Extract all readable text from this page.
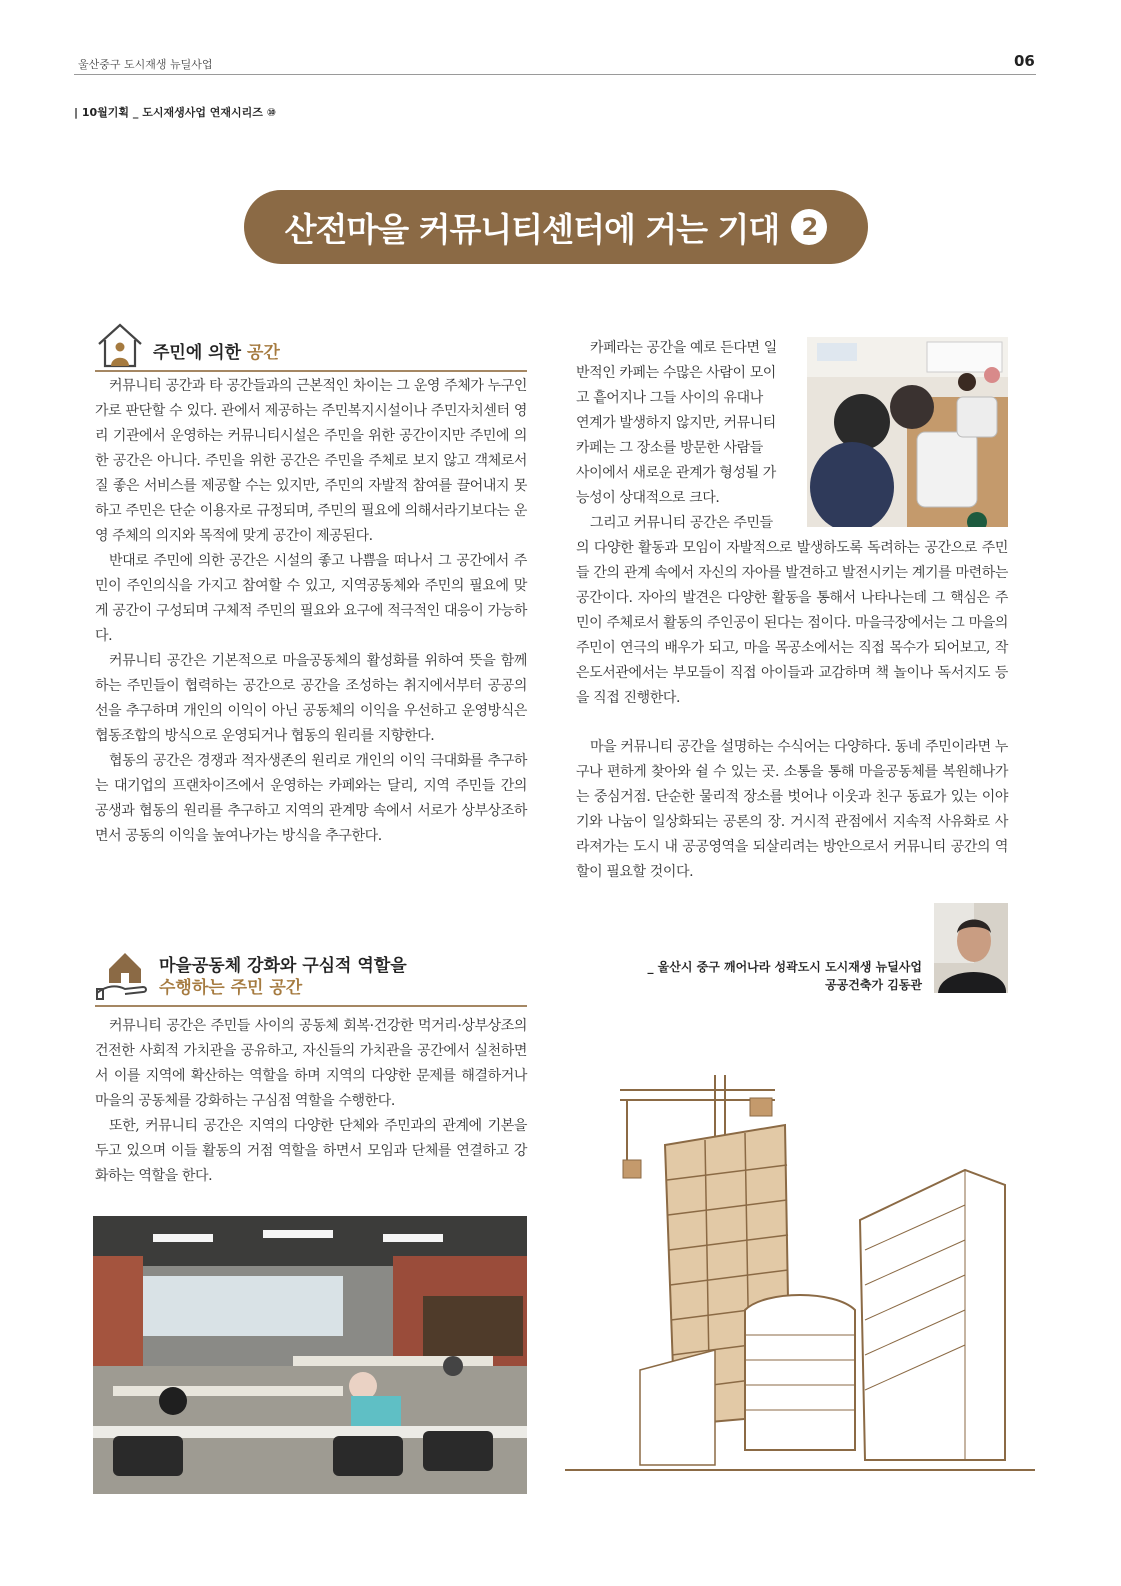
울산중구 도시재생 뉴딜사업	06
| 10월기획 _ 도시재생사업 연재시리즈 ⑩
산전마을 커뮤니티센터에 거는 기대 2
주민에 의한 공간

커뮤니티 공간과 타 공간들과의 근본적인 차이는 그 운영 주체가 누구인가로 판단할 수 있다. 관에서 제공하는 주민복지시설이나 주민자치센터 영리 기관에서 운영하는 커뮤니티시설은 주민을 위한 공간이지만 주민에 의한 공간은 아니다. 주민을 위한 공간은 주민을 주체로 보지 않고 객체로서 질 좋은 서비스를 제공할 수는 있지만, 주민의 자발적 참여를 끌어내지 못하고 주민은 단순 이용자로 규정되며, 주민의 필요에 의해서라기보다는 운영 주체의 의지와 목적에 맞게 공간이 제공된다.

반대로 주민에 의한 공간은 시설의 좋고 나쁨을 떠나서 그 공간에서 주민이 주인의식을 가지고 참여할 수 있고, 지역공동체와 주민의 필요에 맞게 공간이 구성되며 구체적 주민의 필요와 요구에 적극적인 대응이 가능하다.

커뮤니티 공간은 기본적으로 마을공동체의 활성화를 위하여 뜻을 함께하는 주민들이 협력하는 공간으로 공간을 조성하는 취지에서부터 공공의 선을 추구하며 개인의 이익이 아닌 공동체의 이익을 우선하고 운영방식은 협동조합의 방식으로 운영되거나 협동의 원리를 지향한다.

협동의 공간은 경쟁과 적자생존의 원리로 개인의 이익 극대화를 추구하는 대기업의 프랜차이즈에서 운영하는 카페와는 달리, 지역 주민들 간의 공생과 협동의 원리를 추구하고 지역의 관계망 속에서 서로가 상부상조하면서 공동의 이익을 높여나가는 방식을 추구한다.

카페라는 공간을 예로 든다면 일
반적인 카페는 수많은 사람이 모이
고 흩어지나 그들 사이의 유대나
연계가 발생하지 않지만, 커뮤니티
카페는 그 장소를 방문한 사람들
사이에서 새로운 관계가 형성될 가
능성이 상대적으로 크다.
그리고 커뮤니티 공간은 주민들
의 다양한 활동과 모임이 자발적으로 발생하도록 독려하는 공간으로 주민들 간의 관계 속에서 자신의 자아를 발견하고 발전시키는 계기를 마련하는 공간이다. 자아의 발견은 다양한 활동을 통해서 나타나는데 그 핵심은 주민이 주체로서 활동의 주인공이 된다는 점이다. 마을극장에서는 그 마을의 주민이 연극의 배우가 되고, 마을 목공소에서는 직접 목수가 되어보고, 작은도서관에서는 부모들이 직접 아이들과 교감하며 책 놀이나 독서지도 등을 직접 진행한다.

마을 커뮤니티 공간을 설명하는 수식어는 다양하다. 동네 주민이라면 누구나 편하게 찾아와 쉴 수 있는 곳. 소통을 통해 마을공동체를 복원해나가는 중심거점. 단순한 물리적 장소를 벗어나 이웃과 친구 동료가 있는 이야기와 나눔이 일상화되는 공론의 장. 거시적 관점에서 지속적 사유화로 사라져가는 도시 내 공공영역을 되살리려는 방안으로서 커뮤니티 공간의 역할이 필요할 것이다.

_ 울산시 중구 깨어나라 성곽도시 도시재생 뉴딜사업
공공건축가 김동관
마을공동체 강화와 구심적 역할을
수행하는 주민 공간

커뮤니티 공간은 주민들 사이의 공동체 회복·건강한 먹거리·상부상조의 건전한 사회적 가치관을 공유하고, 자신들의 가치관을 공간에서 실천하면서 이를 지역에 확산하는 역할을 하며 지역의 다양한 문제를 해결하거나 마을의 공동체를 강화하는 구심점 역할을 수행한다.

또한, 커뮤니티 공간은 지역의 다양한 단체와 주민과의 관계에 기본을 두고 있으며 이들 활동의 거점 역할을 하면서 모임과 단체를 연결하고 강화하는 역할을 한다.
